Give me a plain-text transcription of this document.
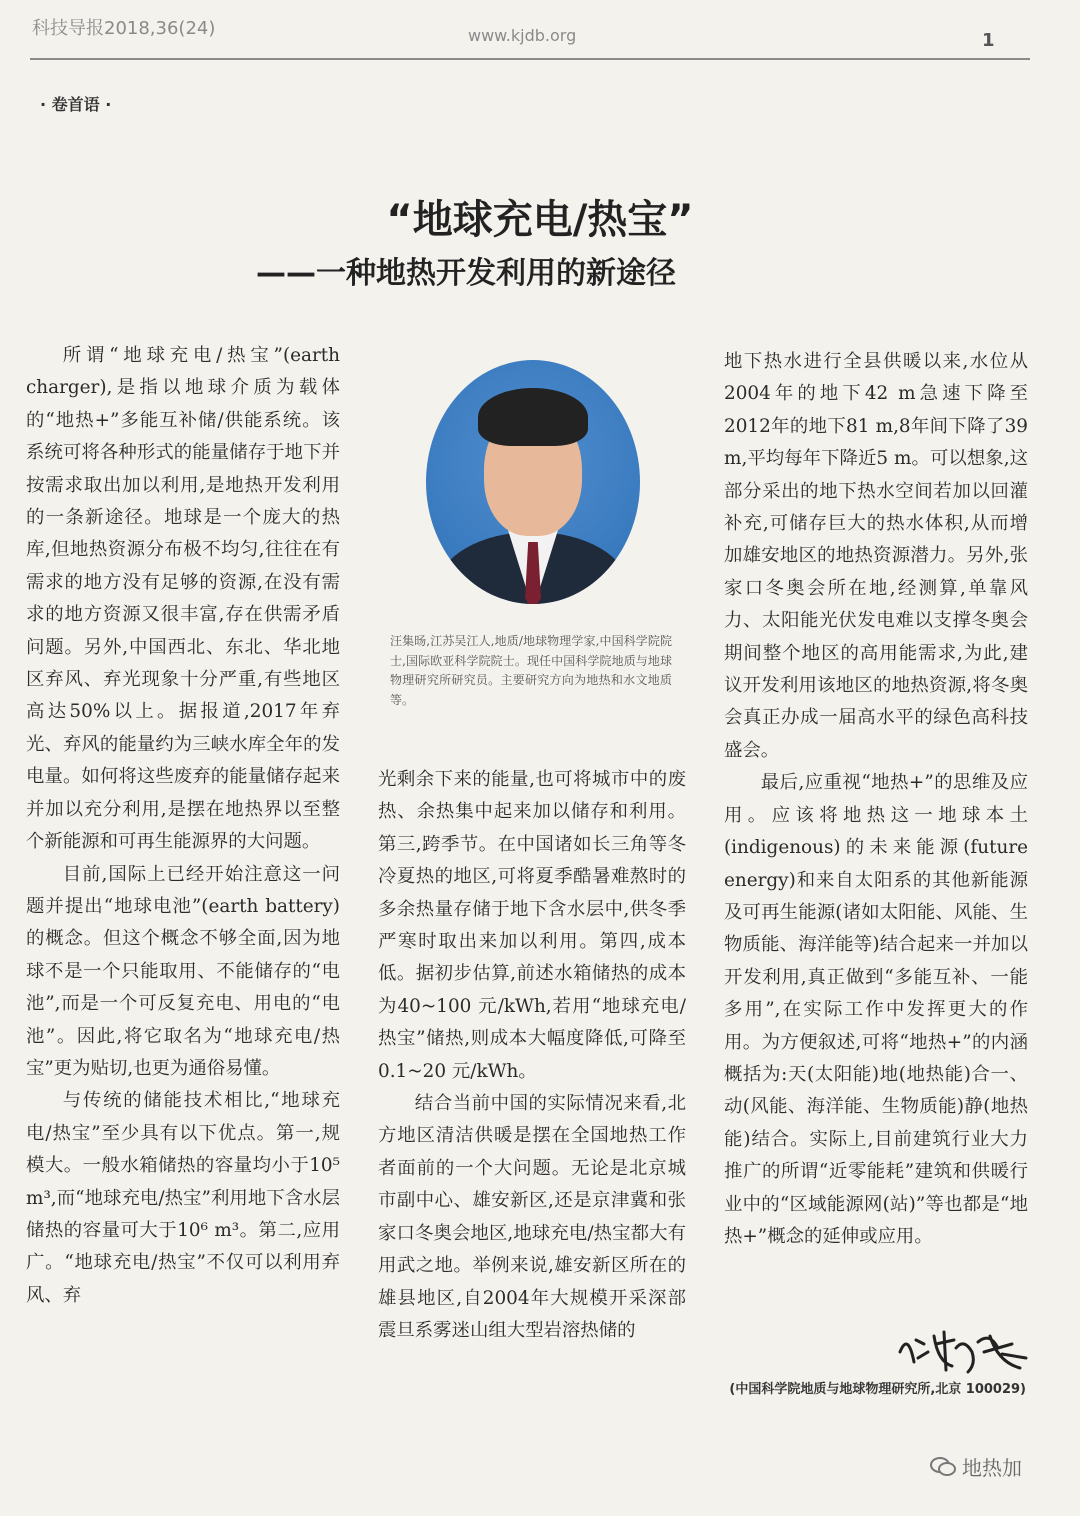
科技导报2018,36(24)	www.kjdb.org	1
· 卷首语 ·
“地球充电/热宝”
——一种地热开发利用的新途径

所谓“地球充电/热宝”(earth charger),是指以地球介质为载体的“地热+”多能互补储/供能系统。该系统可将各种形式的能量储存于地下并按需求取出加以利用,是地热开发利用的一条新途径。地球是一个庞大的热库,但地热资源分布极不均匀,往往在有需求的地方没有足够的资源,在没有需求的地方资源又很丰富,存在供需矛盾问题。另外,中国西北、东北、华北地区弃风、弃光现象十分严重,有些地区高达50%以上。据报道,2017年弃光、弃风的能量约为三峡水库全年的发电量。如何将这些废弃的能量储存起来并加以充分利用,是摆在地热界以至整个新能源和可再生能源界的大问题。

目前,国际上已经开始注意这一问题并提出“地球电池”(earth battery)的概念。但这个概念不够全面,因为地球不是一个只能取用、不能储存的“电池”,而是一个可反复充电、用电的“电池”。因此,将它取名为“地球充电/热宝”更为贴切,也更为通俗易懂。

与传统的储能技术相比,“地球充电/热宝”至少具有以下优点。第一,规模大。一般水箱储热的容量均小于10⁵ m³,而“地球充电/热宝”利用地下含水层储热的容量可大于10⁶ m³。第二,应用广。“地球充电/热宝”不仅可以利用弃风、弃

汪集旸,江苏吴江人,地质/地球物理学家,中国科学院院士,国际欧亚科学院院士。现任中国科学院地质与地球物理研究所研究员。主要研究方向为地热和水文地质等。

光剩余下来的能量,也可将城市中的废热、余热集中起来加以储存和利用。第三,跨季节。在中国诸如长三角等冬冷夏热的地区,可将夏季酷暑难熬时的多余热量存储于地下含水层中,供冬季严寒时取出来加以利用。第四,成本低。据初步估算,前述水箱储热的成本为40~100 元/kWh,若用“地球充电/热宝”储热,则成本大幅度降低,可降至0.1~20 元/kWh。

结合当前中国的实际情况来看,北方地区清洁供暖是摆在全国地热工作者面前的一个大问题。无论是北京城市副中心、雄安新区,还是京津冀和张家口冬奥会地区,地球充电/热宝都大有用武之地。举例来说,雄安新区所在的雄县地区,自2004年大规模开采深部震旦系雾迷山组大型岩溶热储的

地下热水进行全县供暖以来,水位从2004年的地下42 m急速下降至2012年的地下81 m,8年间下降了39 m,平均每年下降近5 m。可以想象,这部分采出的地下热水空间若加以回灌补充,可储存巨大的热水体积,从而增加雄安地区的地热资源潜力。另外,张家口冬奥会所在地,经测算,单靠风力、太阳能光伏发电难以支撑冬奥会期间整个地区的高用能需求,为此,建议开发利用该地区的地热资源,将冬奥会真正办成一届高水平的绿色高科技盛会。

最后,应重视“地热+”的思维及应用。应该将地热这一地球本土(indigenous)的未来能源(future energy)和来自太阳系的其他新能源及可再生能源(诸如太阳能、风能、生物质能、海洋能等)结合起来一并加以开发利用,真正做到“多能互补、一能多用”,在实际工作中发挥更大的作用。为方便叙述,可将“地热+”的内涵概括为:天(太阳能)地(地热能)合一、动(风能、海洋能、生物质能)静(地热能)结合。实际上,目前建筑行业大力推广的所谓“近零能耗”建筑和供暖行业中的“区域能源网(站)”等也都是“地热+”概念的延伸或应用。

(中国科学院地质与地球物理研究所,北京 100029)
地热加
